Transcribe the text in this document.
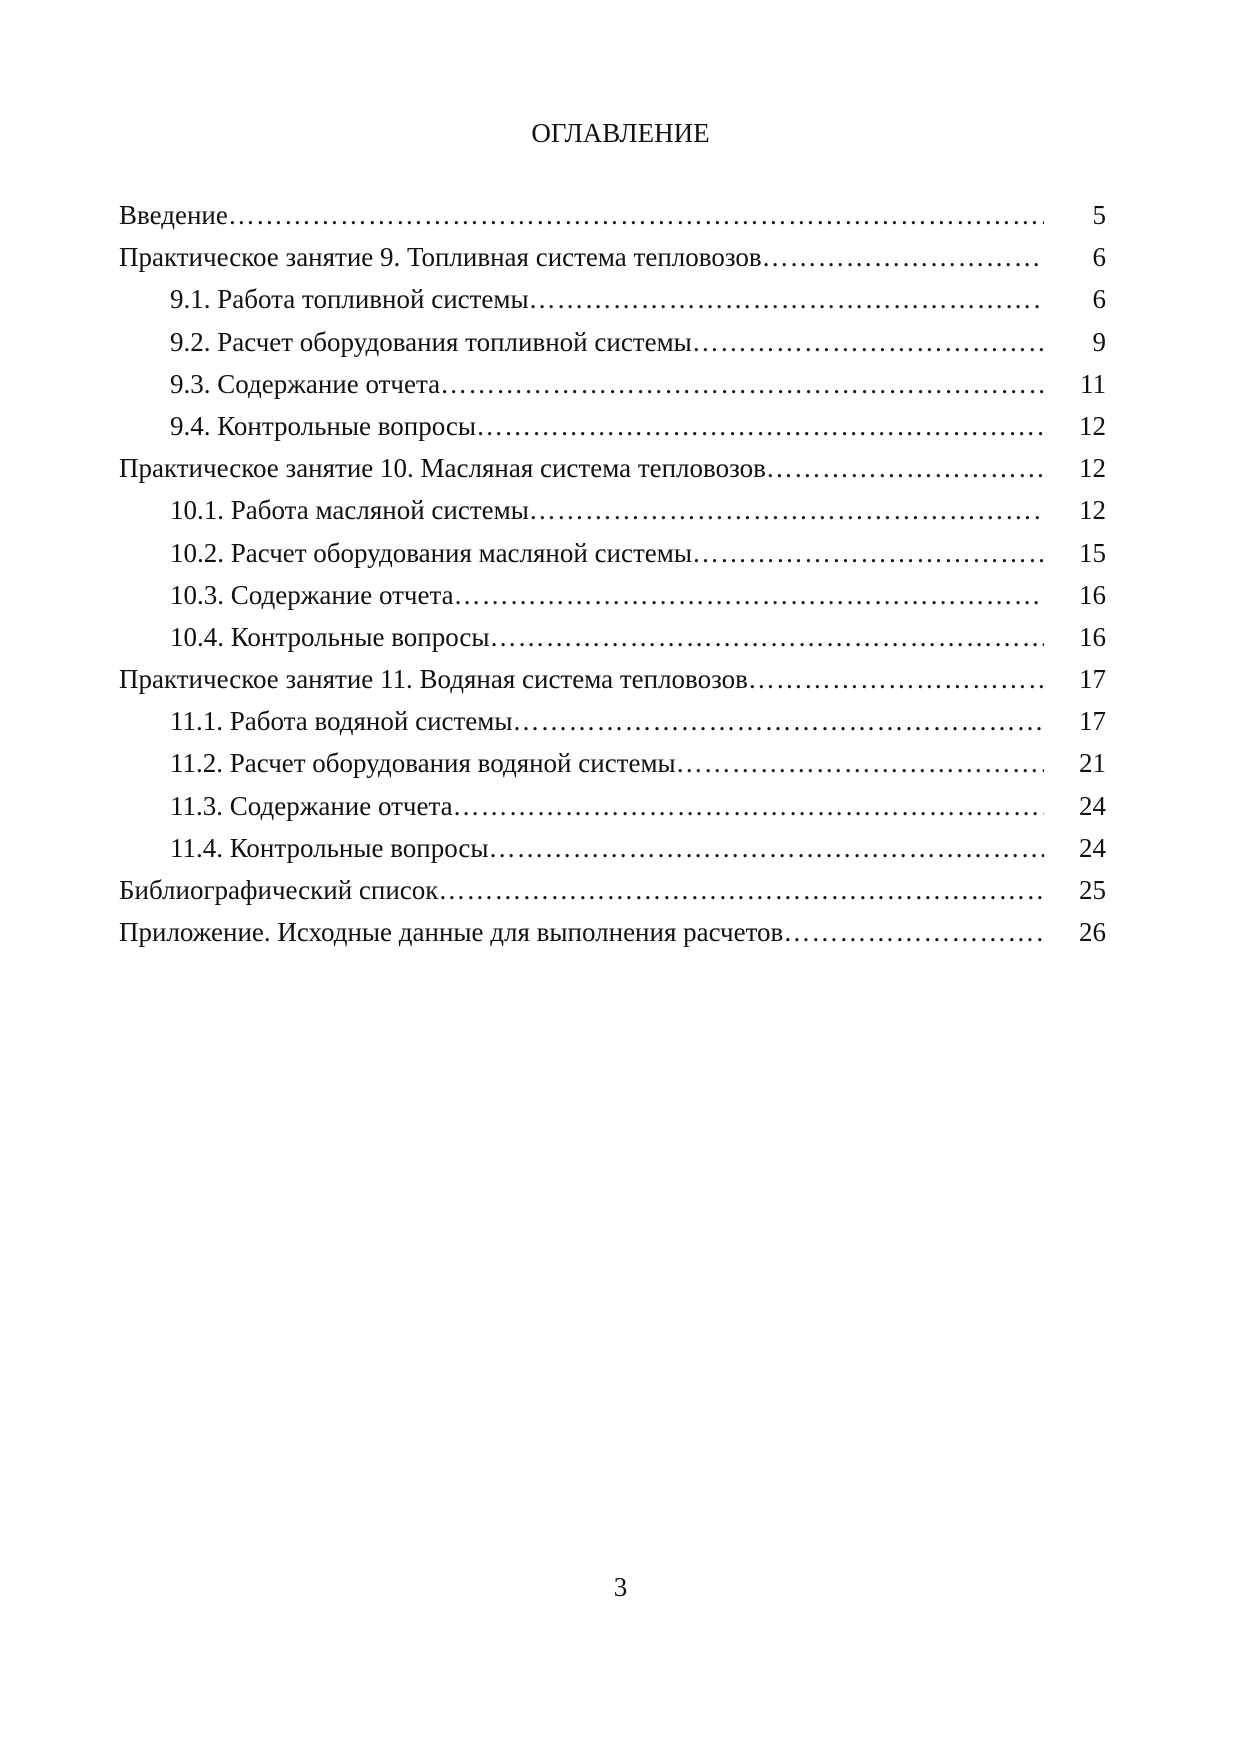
ОГЛАВЛЕНИЕ
Введение ………………………………………………………………………………………………………………………………………………	5
Практическое занятие 9. Топливная система тепловозов ………………………………………………………………………………………………………………………………………………	6
9.1. Работа топливной системы ………………………………………………………………………………………………………………………………………………	6
9.2. Расчет оборудования топливной системы ………………………………………………………………………………………………………………………………………………	9
9.3. Содержание отчета ………………………………………………………………………………………………………………………………………………	11
9.4. Контрольные вопросы ………………………………………………………………………………………………………………………………………………	12
Практическое занятие 10. Масляная система тепловозов ………………………………………………………………………………………………………………………………………………	12
10.1. Работа масляной системы ………………………………………………………………………………………………………………………………………………	12
10.2. Расчет оборудования масляной системы ………………………………………………………………………………………………………………………………………………	15
10.3. Содержание отчета ………………………………………………………………………………………………………………………………………………	16
10.4. Контрольные вопросы ………………………………………………………………………………………………………………………………………………	16
Практическое занятие 11. Водяная система тепловозов ………………………………………………………………………………………………………………………………………………	17
11.1. Работа водяной системы ………………………………………………………………………………………………………………………………………………	17
11.2. Расчет оборудования водяной системы ………………………………………………………………………………………………………………………………………………	21
11.3. Содержание отчета ………………………………………………………………………………………………………………………………………………	24
11.4. Контрольные вопросы ………………………………………………………………………………………………………………………………………………	24
Библиографический список ………………………………………………………………………………………………………………………………………………	25
Приложение. Исходные данные для выполнения расчетов ………………………………………………………………………………………………………………………………………………	26
3
